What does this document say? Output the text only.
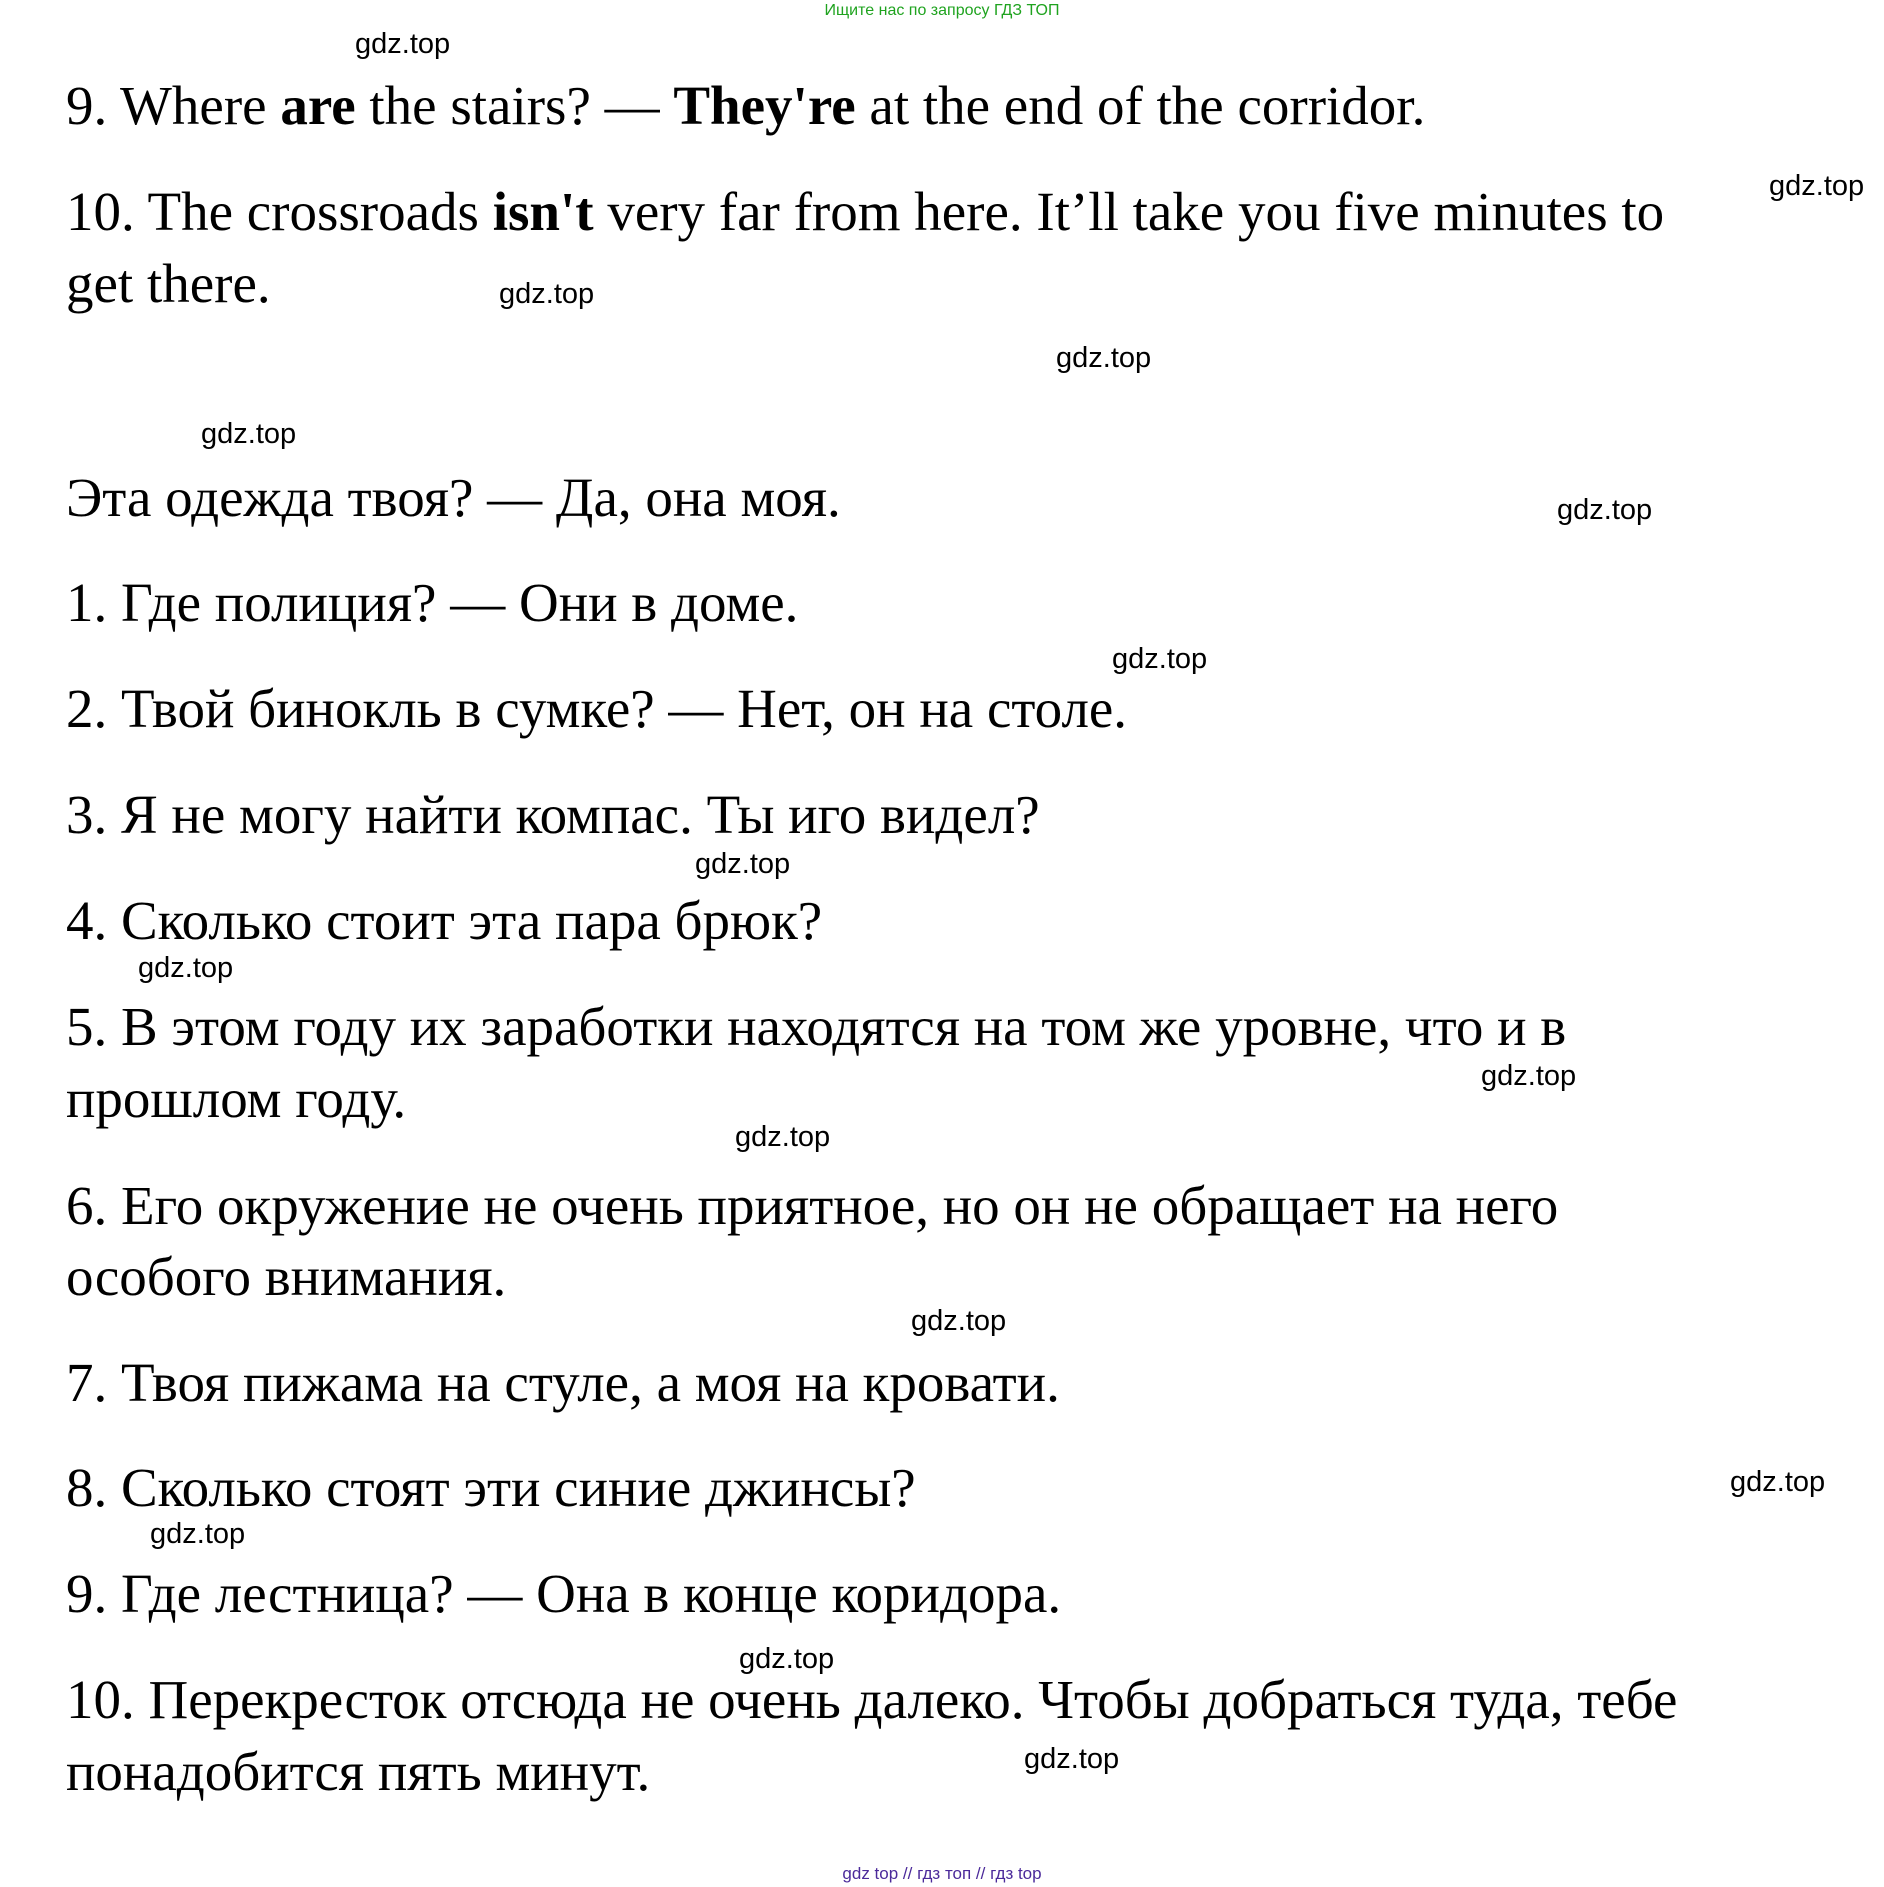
Ищите нас по запросу ГДЗ ТОП
9. Where are the stairs? — They're at the end of the corridor.
10. The crossroads isn't very far from here. It’ll take you five minutes to
get there.
Эта одежда твоя? — Да, она моя.
1. Где полиция? — Они в доме.
2. Твой бинокль в сумке? — Нет, он на столе.
3. Я не могу найти компас. Ты иго видел?
4. Сколько стоит эта пара брюк?
5. В этом году их заработки находятся на том же уровне, что и в
прошлом году.
6. Его окружение не очень приятное, но он не обращает на него
особого внимания.
7. Твоя пижама на стуле, а моя на кровати.
8. Сколько стоят эти синие джинсы?
9. Где лестница? — Она в конце коридора.
10. Перекресток отсюда не очень далеко. Чтобы добраться туда, тебе
понадобится пять минут.
gdz.top
gdz.top
gdz.top
gdz.top
gdz.top
gdz.top
gdz.top
gdz.top
gdz.top
gdz.top
gdz.top
gdz.top
gdz.top
gdz.top
gdz.top
gdz.top
gdz top // гдз топ // гдз top
